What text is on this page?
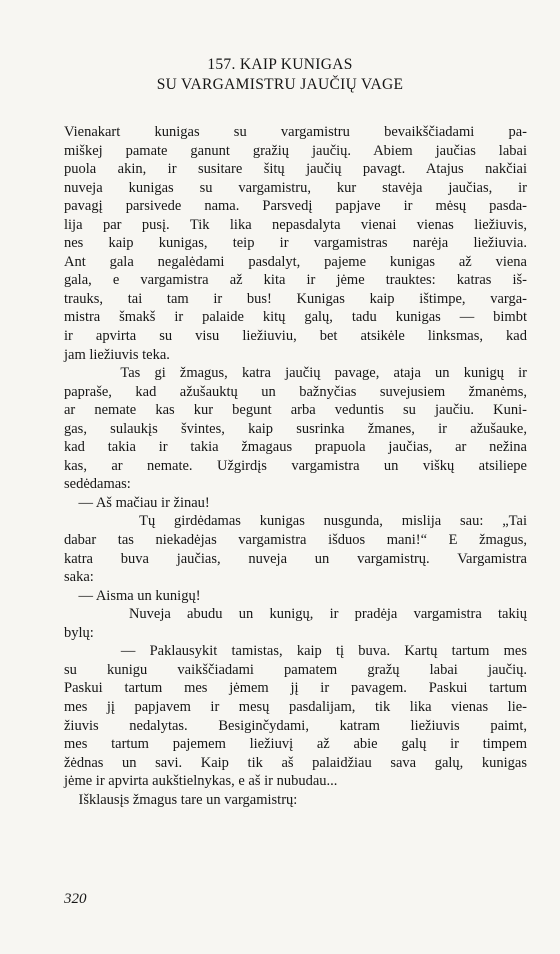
157. KAIP KUNIGAS
SU VARGAMISTRU JAUČIŲ VAGE
Vienakart kunigas su vargamistru bevaikščiadami pa-
miškej pamate ganunt gražių jaučių. Abiem jaučias labai
puola akin, ir susitare šitų jaučių pavagt. Atajus nakčiai
nuveja kunigas su vargamistru, kur stavėja jaučias, ir
pavagį parsivede nama. Parsvedį papjave ir mėsų pasda-
lija par pusį. Tik lika nepasdalyta vienai vienas liežiuvis,
nes kaip kunigas, teip ir vargamistras narėja liežiuvia.
Ant gala negalėdami pasdalyt, pajeme kunigas až viena
gala, e vargamistra až kita ir jėme trauktes: katras iš-
trauks, tai tam ir bus! Kunigas kaip ištimpe, varga-
mistra šmakš ir palaide kitų galų, tadu kunigas — bimbt
ir apvirta su visu liežiuviu, bet atsikėle linksmas, kad
jam liežiuvis teka.
Tas gi žmagus, katra jaučių pavage, ataja un kunigų ir
papraše, kad ažušauktų un bažnyčias suvejusiem žmanėms,
ar nemate kas kur begunt arba veduntis su jaučiu. Kuni-
gas, sulaukįs švintes, kaip susrinka žmanes, ir ažušauke,
kad takia ir takia žmagaus prapuola jaučias, ar nežina
kas, ar nemate. Užgirdįs vargamistra un viškų atsiliepe
sedėdamas:
— Aš mačiau ir žinau!
Tų girdėdamas kunigas nusgunda, mislija sau: „Tai
dabar tas niekadėjas vargamistra išduos mani!“ E žmagus,
katra buva jaučias, nuveja un vargamistrų. Vargamistra
saka:
— Aisma un kunigų!
Nuveja abudu un kunigų, ir pradėja vargamistra takių
bylų:
— Paklausykit tamistas, kaip tį buva. Kartų tartum mes
su kunigu vaikščiadami pamatem gražų labai jaučių.
Paskui tartum mes jėmem jį ir pavagem. Paskui tartum
mes jį papjavem ir mesų pasdalijam, tik lika vienas lie-
žiuvis nedalytas. Besiginčydami, katram liežiuvis paimt,
mes tartum pajemem liežiuvį až abie galų ir timpem
žėdnas un savi. Kaip tik aš palaidžiau sava galų, kunigas
jėme ir apvirta aukštielnykas, e aš ir nubudau...
Išklausįs žmagus tare un vargamistrų:
320
